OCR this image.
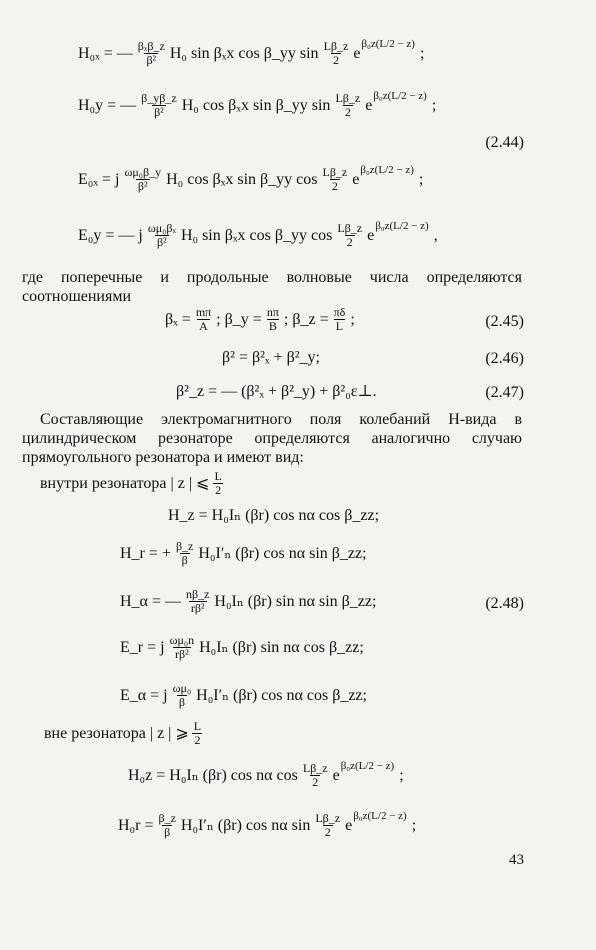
H₀ₓ = — $\frac{\text{βₓβ\_z}}{\text{β²}} H_0$ sin βₓx cos β_yy $\sin \frac{L\beta\_z}{2}$ e
β₀z(L/2 − z)
;
H₀y = — $\frac{\beta\_y\beta\_z}{\text{β²}} H_0$ cos βₓx sin β_yy $\sin \frac{L\beta\_z}{2}$ e
β₀z(L/2 − z)
;
(2.44)
E₀ₓ = j $\frac{\text{ωμ₀β\_y}}{\text{β²}} H_0$ cos βₓx sin β_yy $\cos \frac{L\beta\_z}{2}$ e
β₀z(L/2 − z)
;
E₀y = — j $\frac{\text{ωμ₀βₓ}}{\text{β²}} H_0$ sin βₓx cos β_yy $\cos \frac{L\beta\_z}{2}$ e
β₀z(L/2 − z)
,
где поперечные и продольные волновые числа определяются соотношениями
$\beta_x = \frac{m\pi}{A}$ ; β_y = $\frac{n\pi}{B}$ ; β_z = $\frac{\pi\delta}{L}$ ;	(2.45)
β² = β²ₓ + β²_y;	(2.46)
β²_z = — (β²ₓ + β²_y) + β²₀ε⊥.	(2.47)
Составляющие электромагнитного поля колебаний H-вида в цилиндрическом резонаторе определяются аналогично случаю прямоугольного резонатора и имеют вид:
внутри резонатора | z | ⩽ $\frac{L}{2}$
H_z = H₀Iₙ (βr) cos nα cos β_zz;
H_r = + $\frac{\beta\_z}{\beta} H_0I'_n$ (βr) cos nα sin β_zz;
H_α = — $\frac{n\beta\_z}{\text{rβ²}} H_0I_n$ (βr) sin nα sin β_zz;	(2.48)
E_r = j $\frac{\text{ωμ₀n}}{\text{rβ²}} H_0I_n$ (βr) sin nα cos β_zz;
E_α = j $\frac{\text{ωμ₀}}{\beta} H_0I'_n$ (βr) cos nα cos β_zz;
вне резонатора | z | ⩾ $\frac{L}{2}$
H₀z = H₀Iₙ (βr) cos nα $\cos \frac{L\beta\_z}{2}$ e
β₀z(L/2 − z)
;
$H_0r = \frac{\beta\_z}{\beta} H_0I'_n$ (βr) cos nα $\sin \frac{L\beta\_z}{2}$ e
β₀z(L/2 − z)
;
43
